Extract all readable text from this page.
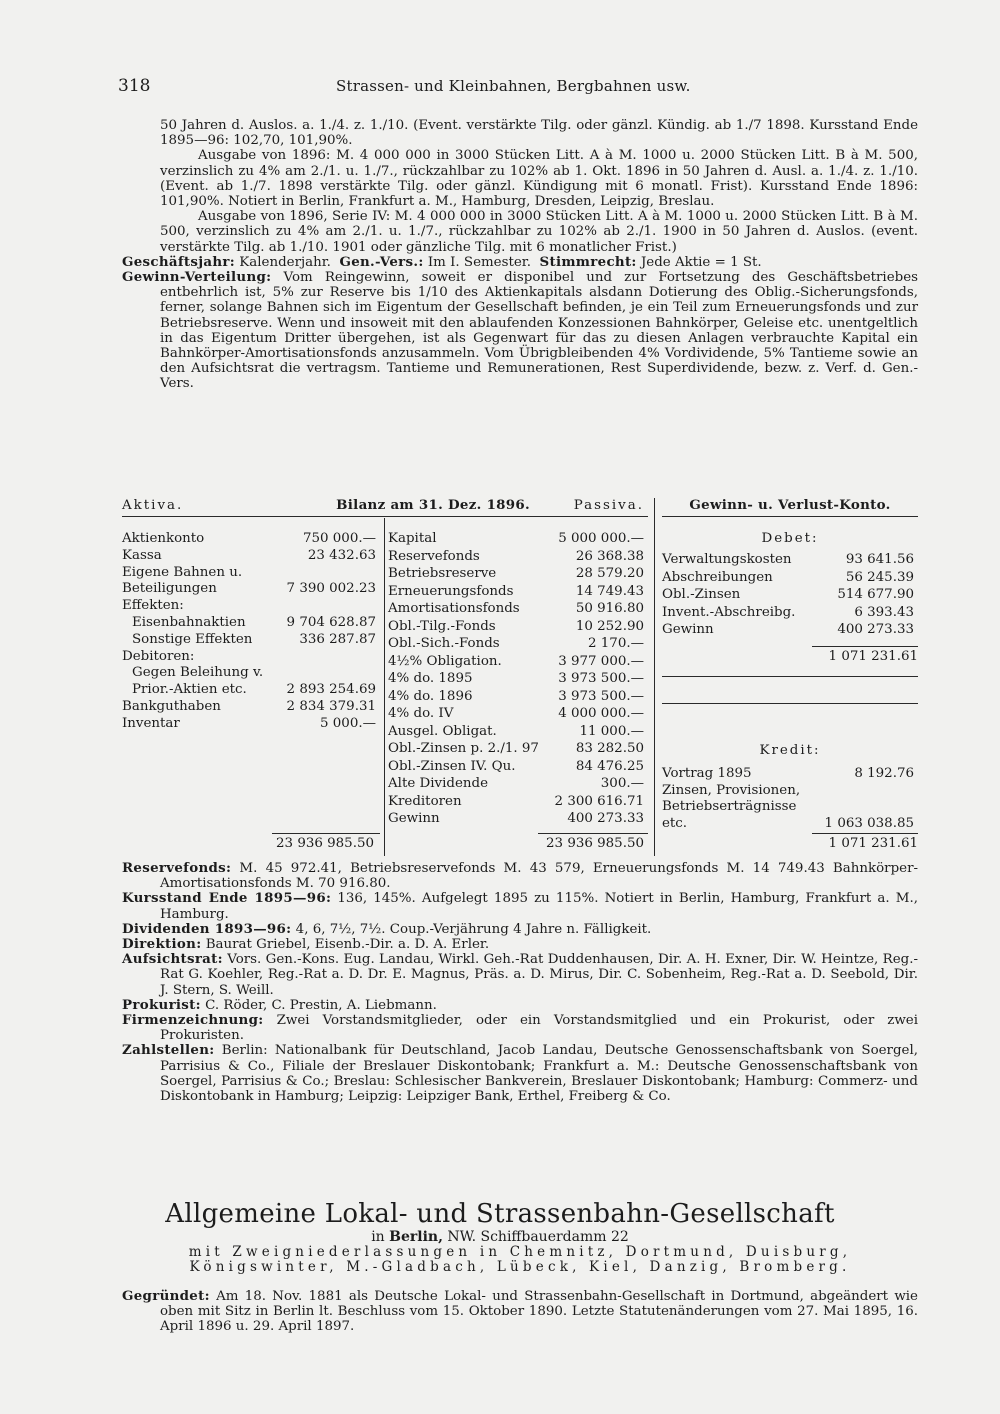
318	Strassen- und Kleinbahnen, Bergbahnen usw.

50 Jahren d. Auslos. a. 1./4. z. 1./10. (Event. verstärkte Tilg. oder gänzl. Kündig. ab 1./7 1898. Kursstand Ende 1895—96: 102,70, 101,90%.

Ausgabe von 1896: M. 4 000 000 in 3000 Stücken Litt. A à M. 1000 u. 2000 Stücken Litt. B à M. 500, verzinslich zu 4% am 2./1. u. 1./7., rückzahlbar zu 102% ab 1. Okt. 1896 in 50 Jahren d. Ausl. a. 1./4. z. 1./10. (Event. ab 1./7. 1898 verstärkte Tilg. oder gänzl. Kündigung mit 6 monatl. Frist). Kursstand Ende 1896: 101,90%. Notiert in Berlin, Frankfurt a. M., Hamburg, Dresden, Leipzig, Breslau.

Ausgabe von 1896, Serie IV: M. 4 000 000 in 3000 Stücken Litt. A à M. 1000 u. 2000 Stücken Litt. B à M. 500, verzinslich zu 4% am 2./1. u. 1./7., rückzahlbar zu 102% ab 2./1. 1900 in 50 Jahren d. Auslos. (event. verstärkte Tilg. ab 1./10. 1901 oder gänzliche Tilg. mit 6 monatlicher Frist.)

Geschäftsjahr: Kalenderjahr. Gen.-Vers.: Im I. Semester. Stimmrecht: Jede Aktie = 1 St.

Gewinn-Verteilung: Vom Reingewinn, soweit er disponibel und zur Fortsetzung des Geschäftsbetriebes entbehrlich ist, 5% zur Reserve bis 1/10 des Aktienkapitals alsdann Dotierung des Oblig.-Sicherungsfonds, ferner, solange Bahnen sich im Eigentum der Gesellschaft befinden, je ein Teil zum Erneuerungsfonds und zur Betriebsreserve. Wenn und insoweit mit den ablaufenden Konzessionen Bahnkörper, Geleise etc. unentgeltlich in das Eigentum Dritter übergehen, ist als Gegenwart für das zu diesen Anlagen verbrauchte Kapital ein Bahnkörper-Amortisationsfonds anzusammeln. Vom Übrigbleibenden 4% Vordividende, 5% Tantieme sowie an den Aufsichtsrat die vertragsm. Tantieme und Remunerationen, Rest Superdividende, bezw. z. Verf. d. Gen.-Vers.

Aktiva.	Bilanz am 31. Dez. 1896.
Aktienkonto	750 000.—
Kassa	23 432.63
Eigene Bahnen u.
Beteiligungen	7 390 002.23
Effekten:
Eisenbahnaktien	9 704 628.87
Sonstige Effekten	336 287.87
Debitoren:
Gegen Beleihung v.
Prior.-Aktien etc.	2 893 254.69
Bankguthaben	2 834 379.31
Inventar	5 000.—
23 936 985.50
Passiva.
Kapital	5 000 000.—
Reservefonds	26 368.38
Betriebsreserve	28 579.20
Erneuerungsfonds	14 749.43
Amortisationsfonds	50 916.80
Obl.-Tilg.-Fonds	10 252.90
Obl.-Sich.-Fonds	2 170.—
4½% Obligation.	3 977 000.—
4% do. 1895	3 973 500.—
4% do. 1896	3 973 500.—
4% do. IV	4 000 000.—
Ausgel. Obligat.	11 000.—
Obl.-Zinsen p. 2./1. 97	83 282.50
Obl.-Zinsen IV. Qu.	84 476.25
Alte Dividende	300.—
Kreditoren	2 300 616.71
Gewinn	400 273.33
23 936 985.50
Gewinn- u. Verlust-Konto.
Debet:
Verwaltungskosten	93 641.56
Abschreibungen	56 245.39
Obl.-Zinsen	514 677.90
Invent.-Abschreibg.	6 393.43
Gewinn	400 273.33
1 071 231.61
Kredit:
Vortrag 1895	8 192.76
Zinsen, Provisionen,
Betriebserträgnisse
etc.	1 063 038.85
1 071 231.61

Reservefonds: M. 45 972.41, Betriebsreservefonds M. 43 579, Erneuerungsfonds M. 14 749.43 Bahnkörper-Amortisationsfonds M. 70 916.80.

Kursstand Ende 1895—96: 136, 145%. Aufgelegt 1895 zu 115%. Notiert in Berlin, Hamburg, Frankfurt a. M., Hamburg.

Dividenden 1893—96: 4, 6, 7½, 7½. Coup.-Verjährung 4 Jahre n. Fälligkeit.

Direktion: Baurat Griebel, Eisenb.-Dir. a. D. A. Erler.

Aufsichtsrat: Vors. Gen.-Kons. Eug. Landau, Wirkl. Geh.-Rat Duddenhausen, Dir. A. H. Exner, Dir. W. Heintze, Reg.-Rat G. Koehler, Reg.-Rat a. D. Dr. E. Magnus, Präs. a. D. Mirus, Dir. C. Sobenheim, Reg.-Rat a. D. Seebold, Dir. J. Stern, S. Weill.

Prokurist: C. Röder, C. Prestin, A. Liebmann.

Firmenzeichnung: Zwei Vorstandsmitglieder, oder ein Vorstandsmitglied und ein Prokurist, oder zwei Prokuristen.

Zahlstellen: Berlin: Nationalbank für Deutschland, Jacob Landau, Deutsche Genossenschaftsbank von Soergel, Parrisius & Co., Filiale der Breslauer Diskontobank; Frankfurt a. M.: Deutsche Genossenschaftsbank von Soergel, Parrisius & Co.; Breslau: Schlesischer Bankverein, Breslauer Diskontobank; Hamburg: Commerz- und Diskontobank in Hamburg; Leipzig: Leipziger Bank, Erthel, Freiberg & Co.

Allgemeine Lokal- und Strassenbahn-Gesellschaft
in Berlin, NW. Schiffbauerdamm 22
mit Zweigniederlassungen in Chemnitz, Dortmund, Duisburg, Königswinter, M.-Gladbach, Lübeck, Kiel, Danzig, Bromberg.

Gegründet: Am 18. Nov. 1881 als Deutsche Lokal- und Strassenbahn-Gesellschaft in Dortmund, abgeändert wie oben mit Sitz in Berlin lt. Beschluss vom 15. Oktober 1890. Letzte Statutenänderungen vom 27. Mai 1895, 16. April 1896 u. 29. April 1897.
